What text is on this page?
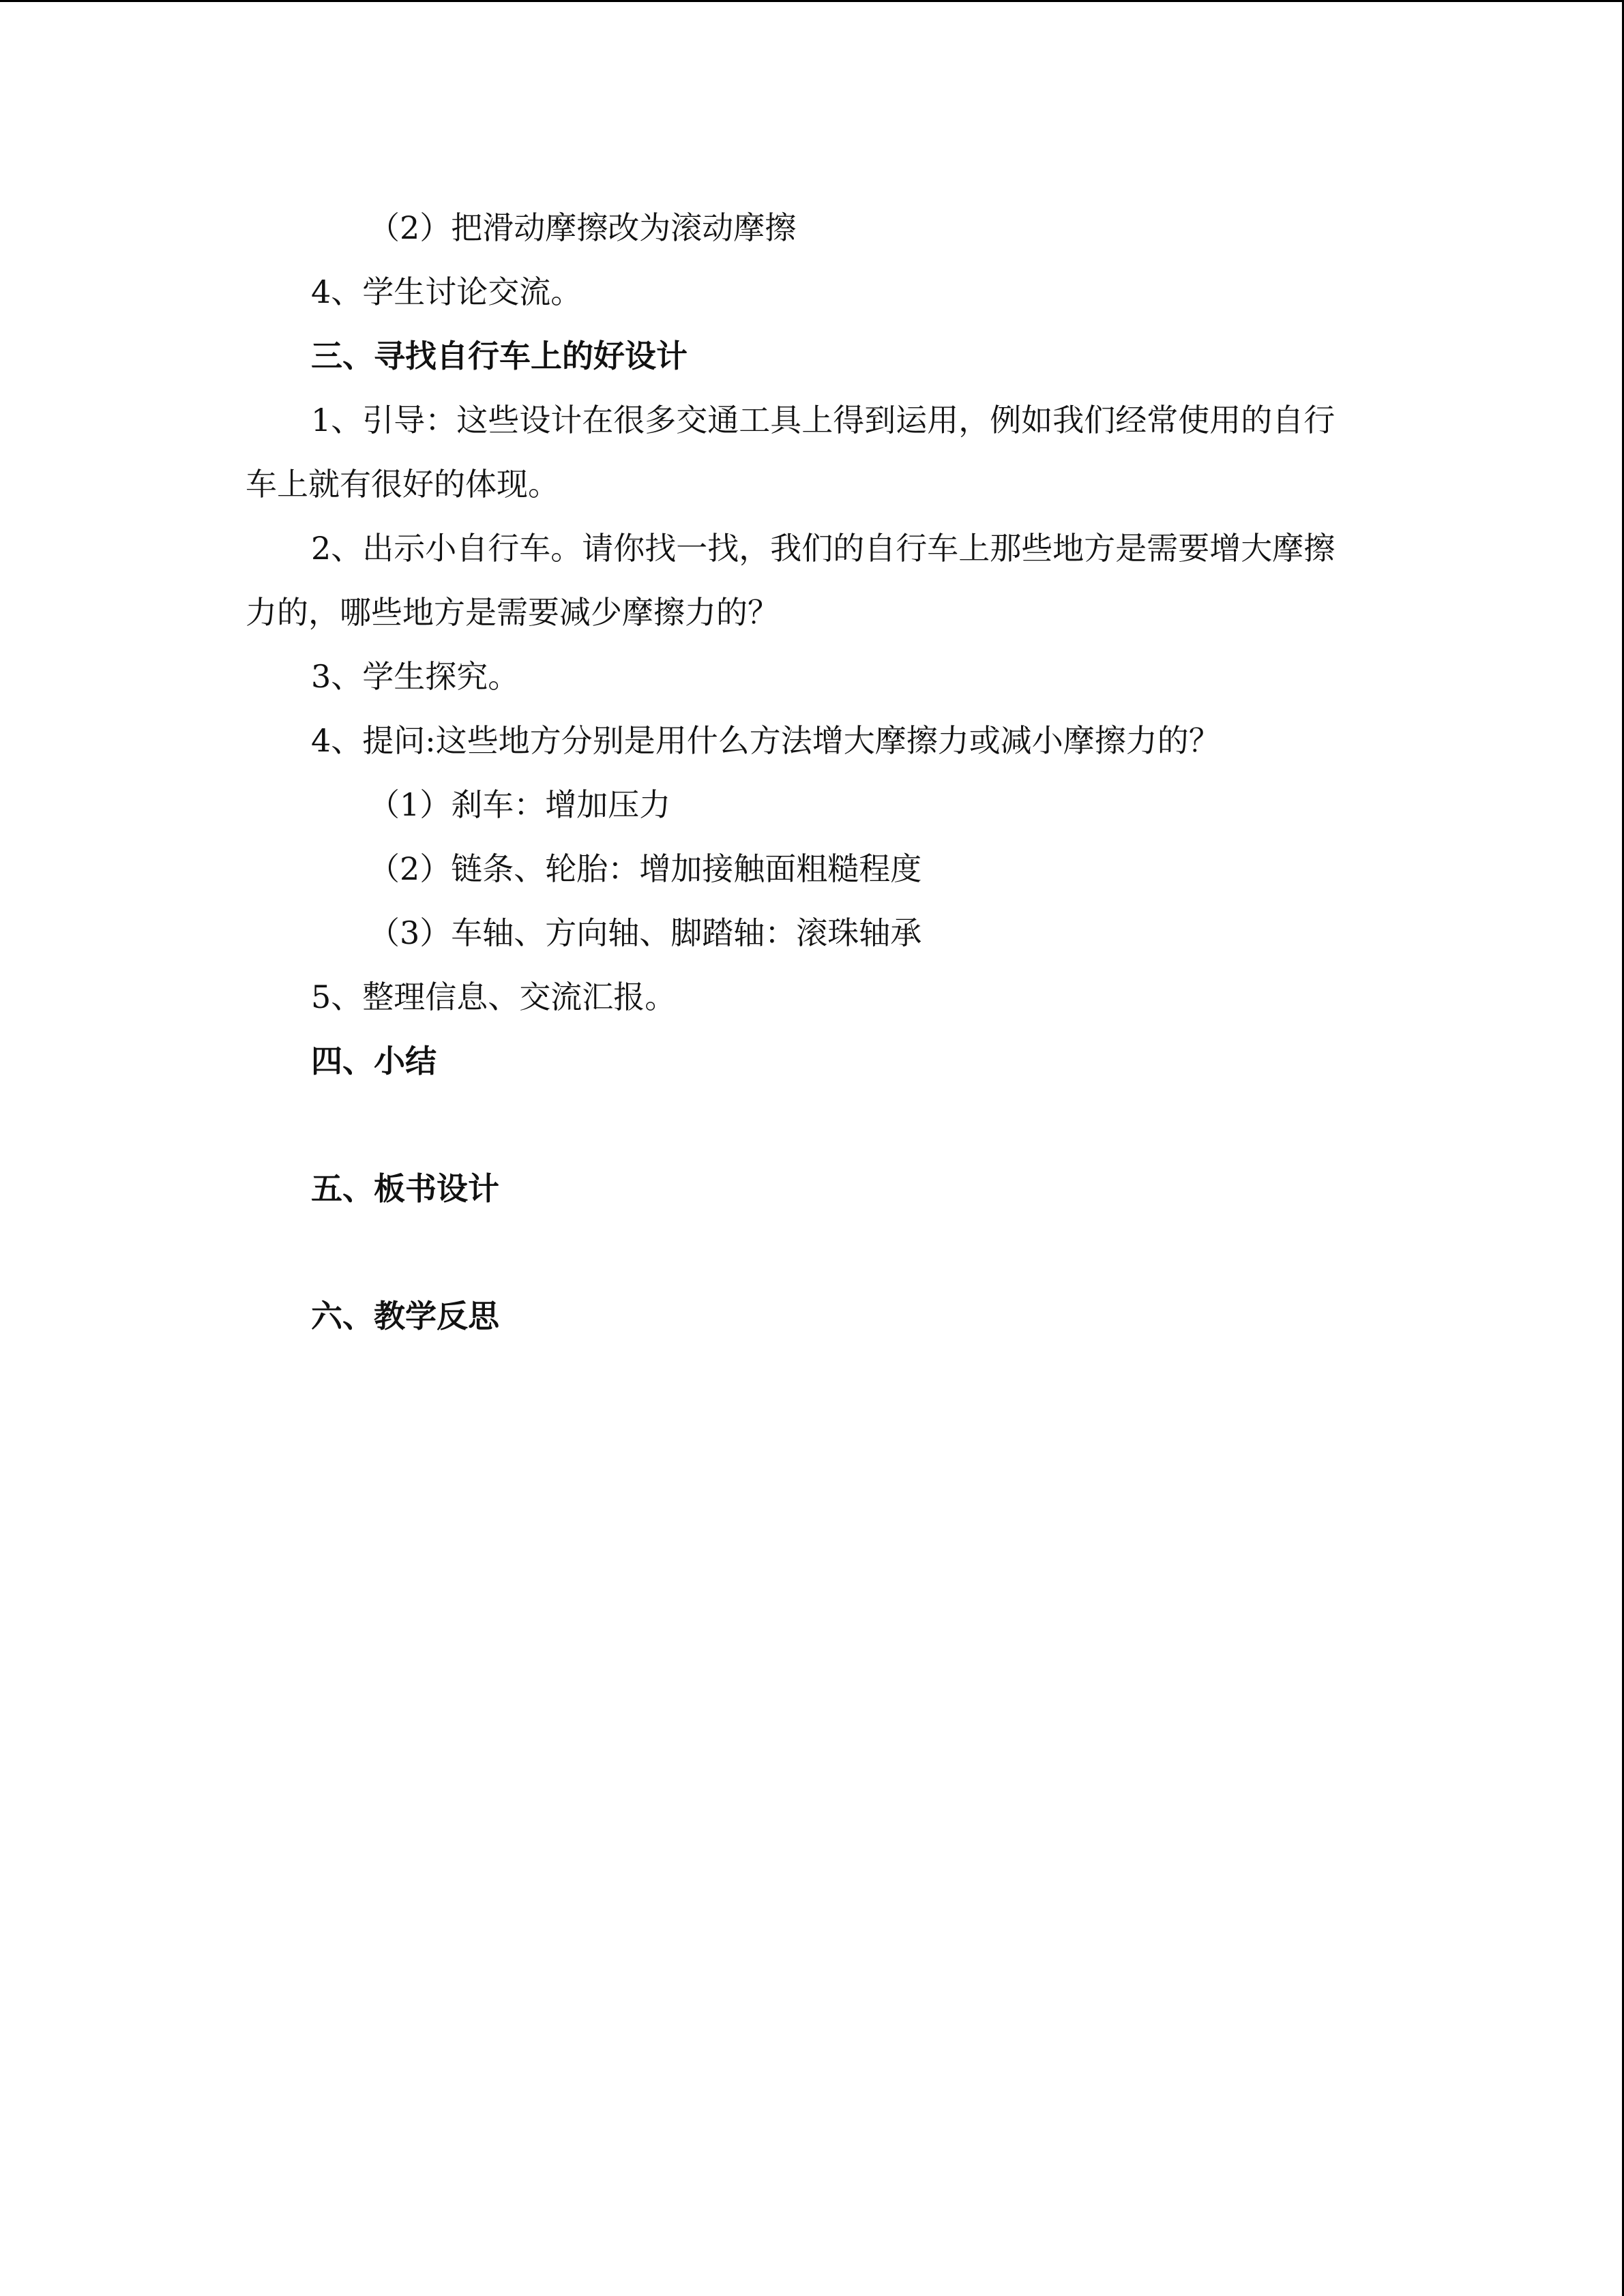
（2）把滑动摩擦改为滚动摩擦
4、学生讨论交流。
三、寻找自行车上的好设计
1、引导：这些设计在很多交通工具上得到运用，例如我们经常使用的自行
车上就有很好的体现。
2、出示小自行车。请你找一找，我们的自行车上那些地方是需要增大摩擦
力的，哪些地方是需要减少摩擦力的？
3、学生探究。
4、提问:这些地方分别是用什么方法增大摩擦力或减小摩擦力的？
（1）刹车：增加压力
（2）链条、轮胎：增加接触面粗糙程度
（3）车轴、方向轴、脚踏轴：滚珠轴承
5、整理信息、交流汇报。
四、小结
五、板书设计
六、教学反思
